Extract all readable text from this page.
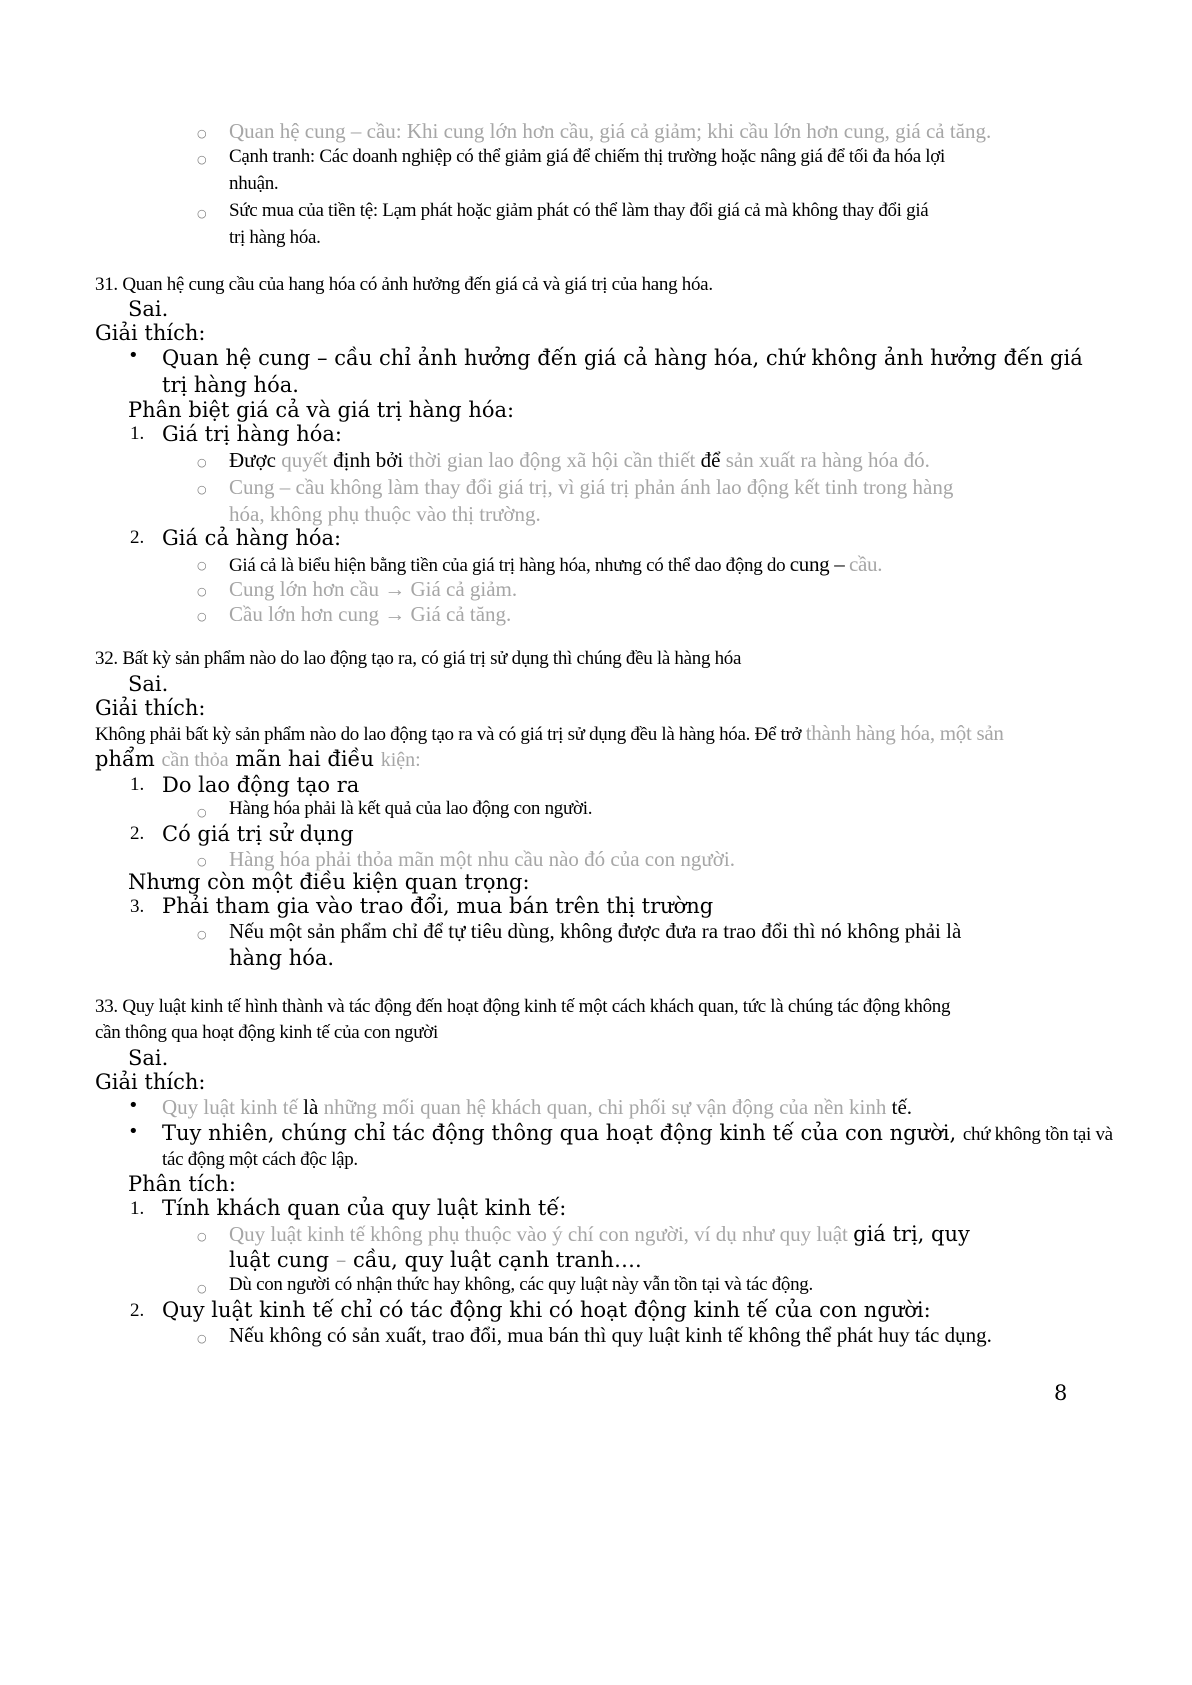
○ Quan hệ cung – cầu: Khi cung lớn hơn cầu, giá cả giảm; khi cầu lớn hơn cung, giá cả tăng.
○ Cạnh tranh: Các doanh nghiệp có thể giảm giá để chiếm thị trường hoặc nâng giá để tối đa hóa lợi
nhuận.
○ Sức mua của tiền tệ: Lạm phát hoặc giảm phát có thể làm thay đổi giá cả mà không thay đổi giá
trị hàng hóa.
31. Quan hệ cung cầu của hang hóa có ảnh hưởng đến giá cả và giá trị của hang hóa.
Sai.
Giải thích:
• Quan hệ cung – cầu chỉ ảnh hưởng đến giá cả hàng hóa, chứ không ảnh hưởng đến giá
trị hàng hóa.
Phân biệt giá cả và giá trị hàng hóa:
1. Giá trị hàng hóa:
○ Được quyết định bởi thời gian lao động xã hội cần thiết để sản xuất ra hàng hóa đó.
○ Cung – cầu không làm thay đổi giá trị, vì giá trị phản ánh lao động kết tinh trong hàng
hóa, không phụ thuộc vào thị trường.
2. Giá cả hàng hóa:
○ Giá cả là biểu hiện bằng tiền của giá trị hàng hóa, nhưng có thể dao động do cung – cầu.
○ Cung lớn hơn cầu → Giá cả giảm.
○ Cầu lớn hơn cung → Giá cả tăng.
32. Bất kỳ sản phẩm nào do lao động tạo ra, có giá trị sử dụng thì chúng đều là hàng hóa
Sai.
Giải thích:
Không phải bất kỳ sản phẩm nào do lao động tạo ra và có giá trị sử dụng đều là hàng hóa. Để trở thành hàng hóa, một sản
phẩm cần thỏa mãn hai điều kiện:
1. Do lao động tạo ra
○ Hàng hóa phải là kết quả của lao động con người.
2. Có giá trị sử dụng
○ Hàng hóa phải thỏa mãn một nhu cầu nào đó của con người.
Nhưng còn một điều kiện quan trọng:
3. Phải tham gia vào trao đổi, mua bán trên thị trường
○ Nếu một sản phẩm chỉ để tự tiêu dùng, không được đưa ra trao đổi thì nó không phải là
hàng hóa.
33. Quy luật kinh tế hình thành và tác động đến hoạt động kinh tế một cách khách quan, tức là chúng tác động không
cần thông qua hoạt động kinh tế của con người
Sai.
Giải thích:
• Quy luật kinh tế là những mối quan hệ khách quan, chi phối sự vận động của nền kinh tế.
• Tuy nhiên, chúng chỉ tác động thông qua hoạt động kinh tế của con người, chứ không tồn tại và
tác động một cách độc lập.
Phân tích:
1. Tính khách quan của quy luật kinh tế:
○ Quy luật kinh tế không phụ thuộc vào ý chí con người, ví dụ như quy luật giá trị, quy
luật cung – cầu, quy luật cạnh tranh….
○ Dù con người có nhận thức hay không, các quy luật này vẫn tồn tại và tác động.
2. Quy luật kinh tế chỉ có tác động khi có hoạt động kinh tế của con người:
○ Nếu không có sản xuất, trao đổi, mua bán thì quy luật kinh tế không thể phát huy tác dụng.
8
